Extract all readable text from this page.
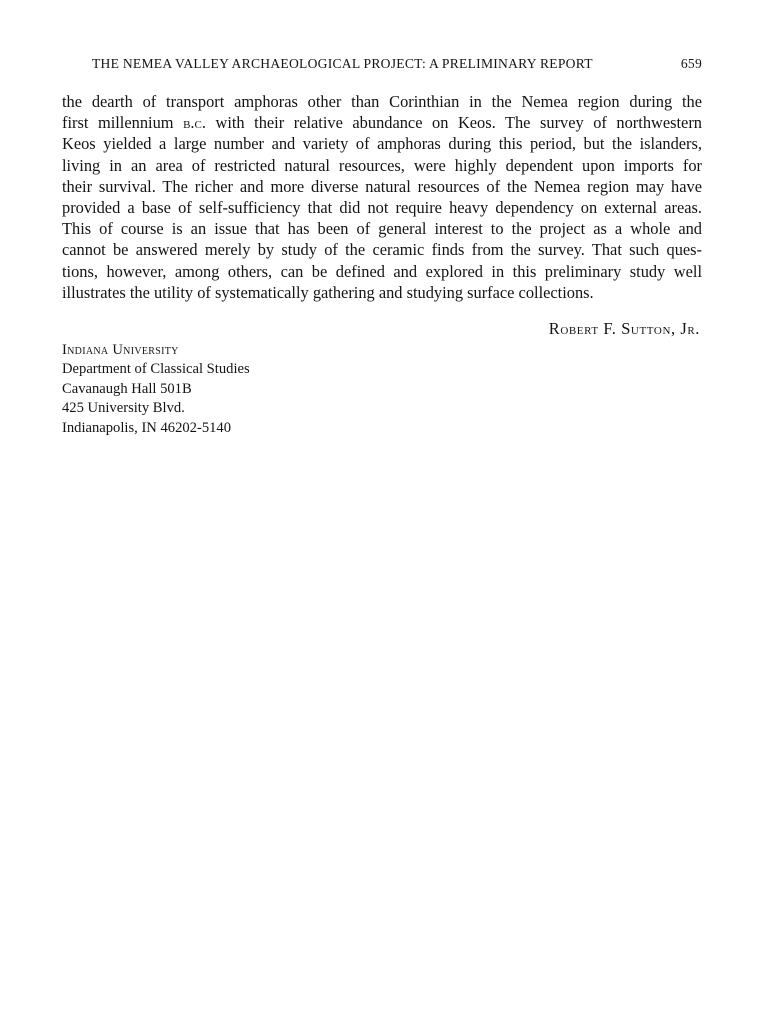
THE NEMEA VALLEY ARCHAEOLOGICAL PROJECT: A PRELIMINARY REPORT	659
the dearth of transport amphoras other than Corinthian in the Nemea region during the
first millennium b.c. with their relative abundance on Keos. The survey of northwestern
Keos yielded a large number and variety of amphoras during this period, but the islanders,
living in an area of restricted natural resources, were highly dependent upon imports for
their survival. The richer and more diverse natural resources of the Nemea region may have
provided a base of self-sufficiency that did not require heavy dependency on external areas.
This of course is an issue that has been of general interest to the project as a whole and
cannot be answered merely by study of the ceramic finds from the survey. That such ques-
tions, however, among others, can be defined and explored in this preliminary study well
illustrates the utility of systematically gathering and studying surface collections.
Robert F. Sutton, Jr.
Indiana University
Department of Classical Studies
Cavanaugh Hall 501B
425 University Blvd.
Indianapolis, IN 46202-5140
